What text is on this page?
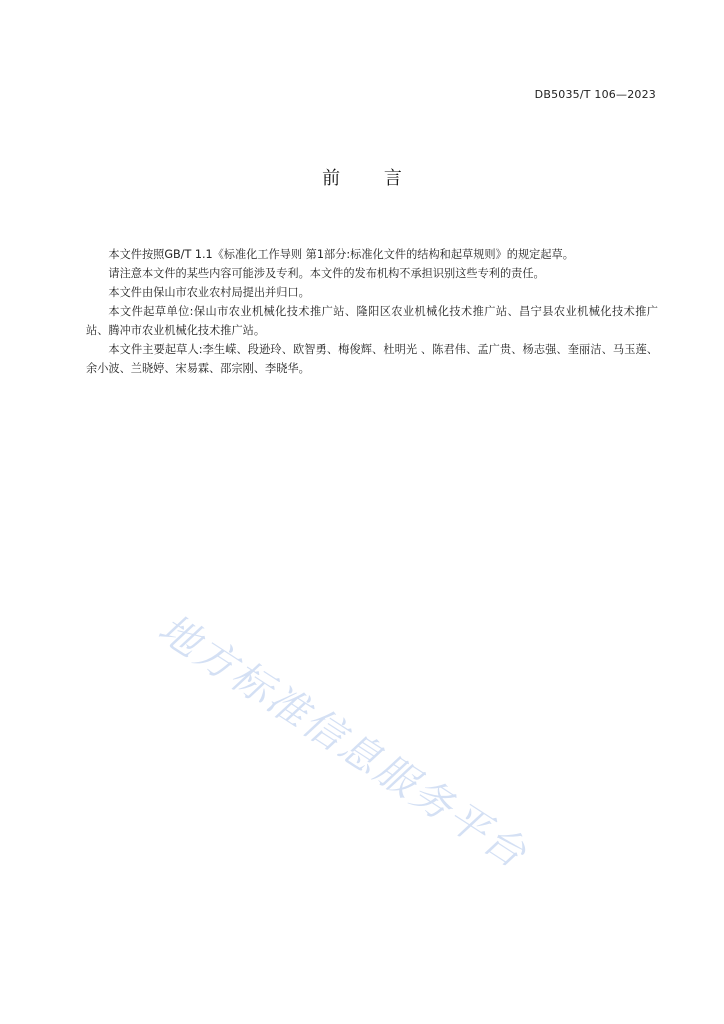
DB5035/T 106—2023
前 言

本文件按照GB/T 1.1《标准化工作导则 第1部分:标准化文件的结构和起草规则》的规定起草。

请注意本文件的某些内容可能涉及专利。本文件的发布机构不承担识别这些专利的责任。

本文件由保山市农业农村局提出并归口。

本文件起草单位:保山市农业机械化技术推广站、隆阳区农业机械化技术推广站、昌宁县农业机械化技术推广站、腾冲市农业机械化技术推广站。

本文件主要起草人:李生嵘、段逊玲、欧智勇、梅俊辉、杜明光 、陈君伟、孟广贵、杨志强、奎丽洁、马玉莲、余小波、兰晓婷、宋易霖、邵宗刚、李晓华。

地方标准信息服务平台
